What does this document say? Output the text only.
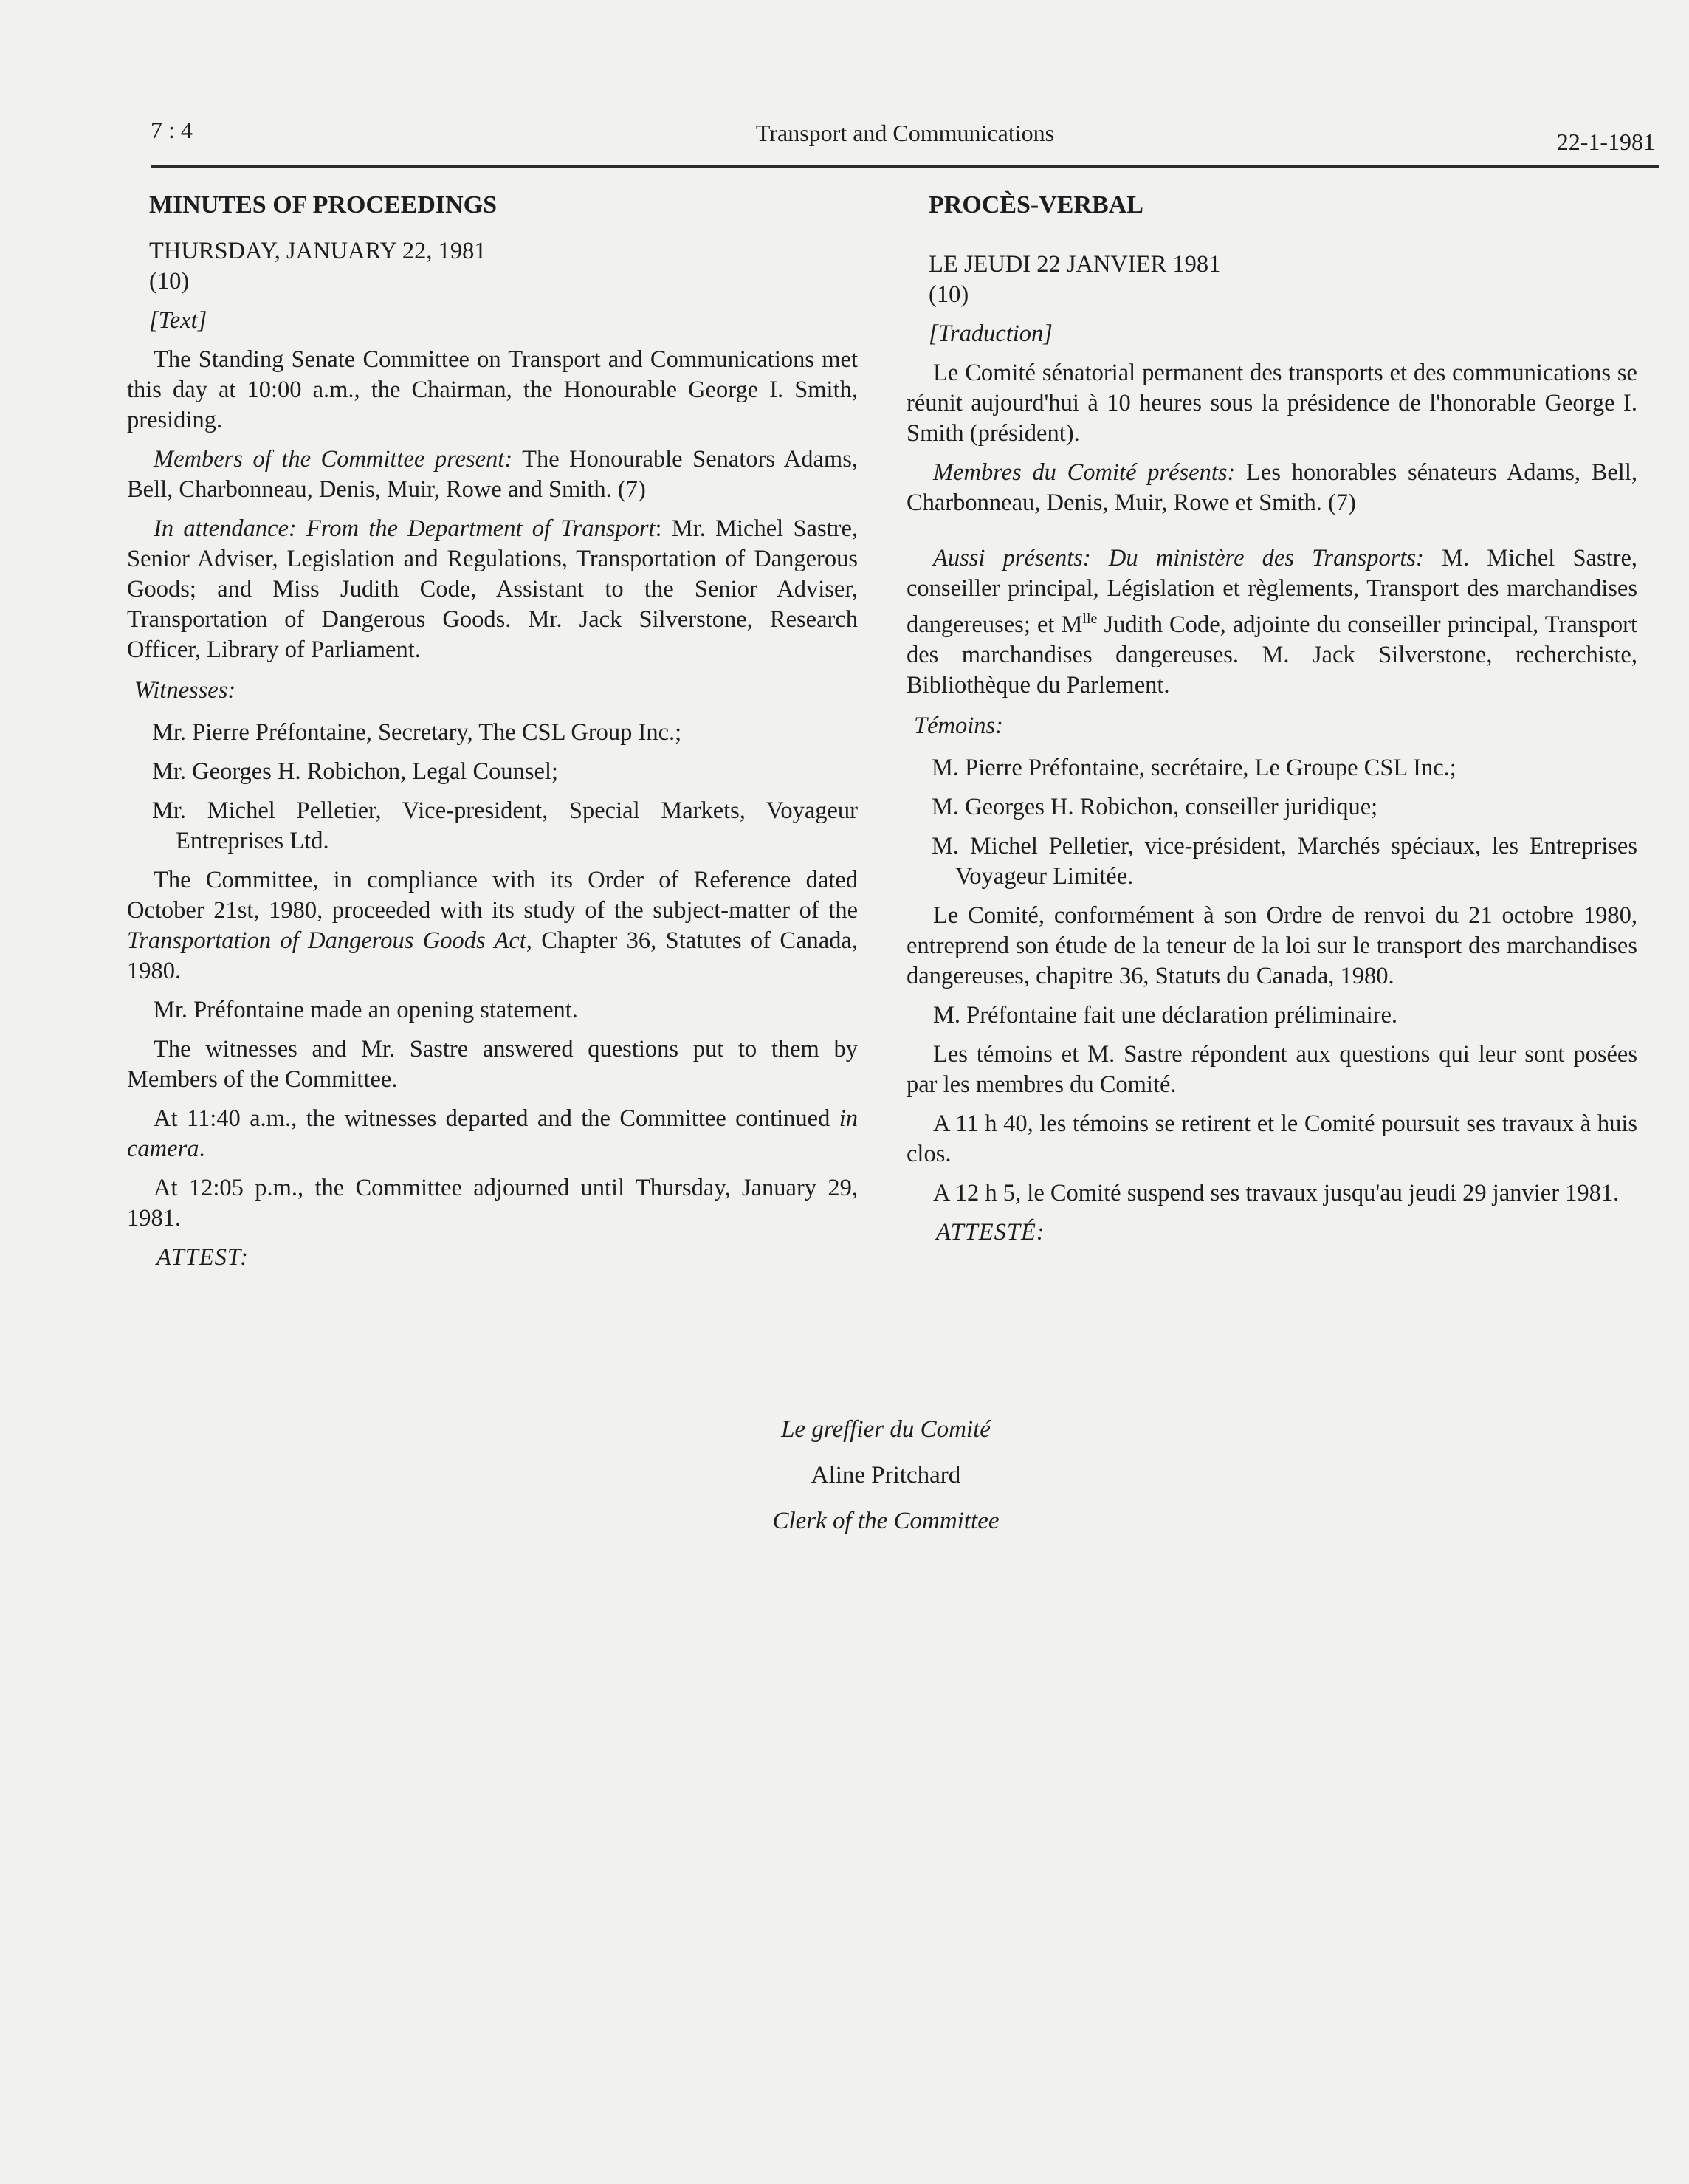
7 : 4	Transport and Communications	22-1-1981
MINUTES OF PROCEEDINGS
THURSDAY, JANUARY 22, 1981
(10)
[Text]

The Standing Senate Committee on Transport and Communications met this day at 10:00 a.m., the Chairman, the Honourable George I. Smith, presiding.

Members of the Committee present: The Honourable Senators Adams, Bell, Charbonneau, Denis, Muir, Rowe and Smith. (7)

In attendance: From the Department of Transport: Mr. Michel Sastre, Senior Adviser, Legislation and Regulations, Transportation of Dangerous Goods; and Miss Judith Code, Assistant to the Senior Adviser, Transportation of Dangerous Goods. Mr. Jack Silverstone, Research Officer, Library of Parliament.

Witnesses:

Mr. Pierre Préfontaine, Secretary, The CSL Group Inc.;

Mr. Georges H. Robichon, Legal Counsel;

Mr. Michel Pelletier, Vice-president, Special Markets, Voyageur Entreprises Ltd.

The Committee, in compliance with its Order of Reference dated October 21st, 1980, proceeded with its study of the subject-matter of the Transportation of Dangerous Goods Act, Chapter 36, Statutes of Canada, 1980.

Mr. Préfontaine made an opening statement.

The witnesses and Mr. Sastre answered questions put to them by Members of the Committee.

At 11:40 a.m., the witnesses departed and the Committee continued in camera.

At 12:05 p.m., the Committee adjourned until Thursday, January 29, 1981.

ATTEST:
PROCÈS-VERBAL
LE JEUDI 22 JANVIER 1981
(10)
[Traduction]

Le Comité sénatorial permanent des transports et des communications se réunit aujourd'hui à 10 heures sous la présidence de l'honorable George I. Smith (président).

Membres du Comité présents: Les honorables sénateurs Adams, Bell, Charbonneau, Denis, Muir, Rowe et Smith. (7)

Aussi présents: Du ministère des Transports: M. Michel Sastre, conseiller principal, Législation et règlements, Transport des marchandises dangereuses; et $M^{lle}$ Judith Code, adjointe du conseiller principal, Transport des marchandises dangereuses. M. Jack Silverstone, recherchiste, Bibliothèque du Parlement.

Témoins:

M. Pierre Préfontaine, secrétaire, Le Groupe CSL Inc.;

M. Georges H. Robichon, conseiller juridique;

M. Michel Pelletier, vice-président, Marchés spéciaux, les Entreprises Voyageur Limitée.

Le Comité, conformément à son Ordre de renvoi du 21 octobre 1980, entreprend son étude de la teneur de la loi sur le transport des marchandises dangereuses, chapitre 36, Statuts du Canada, 1980.

M. Préfontaine fait une déclaration préliminaire.

Les témoins et M. Sastre répondent aux questions qui leur sont posées par les membres du Comité.

A 11 h 40, les témoins se retirent et le Comité poursuit ses travaux à huis clos.

A 12 h 5, le Comité suspend ses travaux jusqu'au jeudi 29 janvier 1981.

ATTESTÉ:
Le greffier du Comité
Aline Pritchard
Clerk of the Committee
